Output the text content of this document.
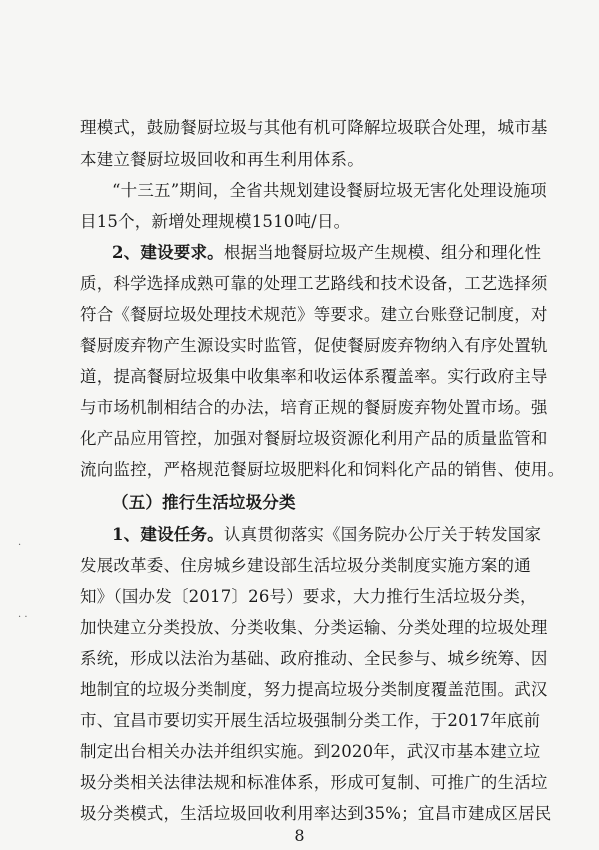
理模式，鼓励餐厨垃圾与其他有机可降解垃圾联合处理，城市基
本建立餐厨垃圾回收和再生利用体系。
“十三五”期间，全省共规划建设餐厨垃圾无害化处理设施项
目15个，新增处理规模1510吨/日。
2、建设要求。根据当地餐厨垃圾产生规模、组分和理化性
质，科学选择成熟可靠的处理工艺路线和技术设备，工艺选择须
符合《餐厨垃圾处理技术规范》等要求。建立台账登记制度，对
餐厨废弃物产生源设实时监管，促使餐厨废弃物纳入有序处置轨
道，提高餐厨垃圾集中收集率和收运体系覆盖率。实行政府主导
与市场机制相结合的办法，培育正规的餐厨废弃物处置市场。强
化产品应用管控，加强对餐厨垃圾资源化利用产品的质量监管和
流向监控，严格规范餐厨垃圾肥料化和饲料化产品的销售、使用。
（五）推行生活垃圾分类
1、建设任务。认真贯彻落实《国务院办公厅关于转发国家
发展改革委、住房城乡建设部生活垃圾分类制度实施方案的通
知》（国办发〔2017〕26号）要求，大力推行生活垃圾分类，
加快建立分类投放、分类收集、分类运输、分类处理的垃圾处理
系统，形成以法治为基础、政府推动、全民参与、城乡统筹、因
地制宜的垃圾分类制度，努力提高垃圾分类制度覆盖范围。武汉
市、宜昌市要切实开展生活垃圾强制分类工作，于2017年底前
制定出台相关办法并组织实施。到2020年，武汉市基本建立垃
圾分类相关法律法规和标准体系，形成可复制、可推广的生活垃
圾分类模式，生活垃圾回收利用率达到35%；宜昌市建成区居民
·
· ·
8
